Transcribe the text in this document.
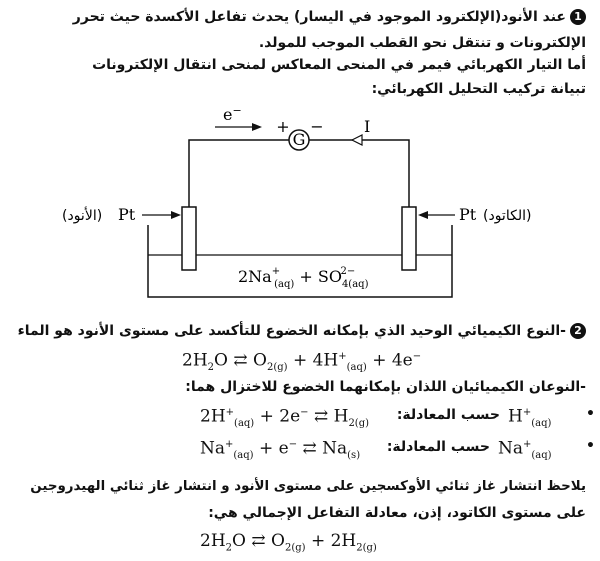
1عند الأنود(الإلكترود الموجود في اليسار) يحدث تفاعل الأكسدة حيث تحرر
الإلكترونات و تنتقل نحو القطب الموجب للمولد.
أما التيار الكهربائي فيمر في المنحى المعاكس لمنحى انتقال الإلكترونات
تبيانة تركيب التحليل الكهربائي:
G
+ −
e−
I
(الأنود) Pt	Pt (الكاتود)
2Na+ $(aq) + SO_{4(aq)}2-$
2-النوع الكيميائي الوحيد الذي بإمكانه الخضوع للتأكسد على مستوى الأنود هو الماء
$2H_2O$ ⇄ $O_{2(g)} + 4H^+_{(aq)} + 4e^-$
-النوعان الكيميائيان اللذان بإمكانهما الخضوع للاختزال هما:
•
$H^+_{(aq)}$
حسب المعادلة:
$2H^+_{(aq)} + 2e^-$ ⇄ $H_{2(g)}$
•
$Na^+_{(aq)}$
حسب المعادلة:
$Na^+_{(aq)} + e^-$ ⇄ $Na_{(s)}$
يلاحظ انتشار غاز ثنائي الأوكسجين على مستوى الأنود و انتشار غاز ثنائي الهيدروجين
على مستوى الكاتود، إذن، معادلة التفاعل الإجمالي هي:
$2H_2O$ ⇄ $O_{2(g)} + 2H_{2(g)}$
